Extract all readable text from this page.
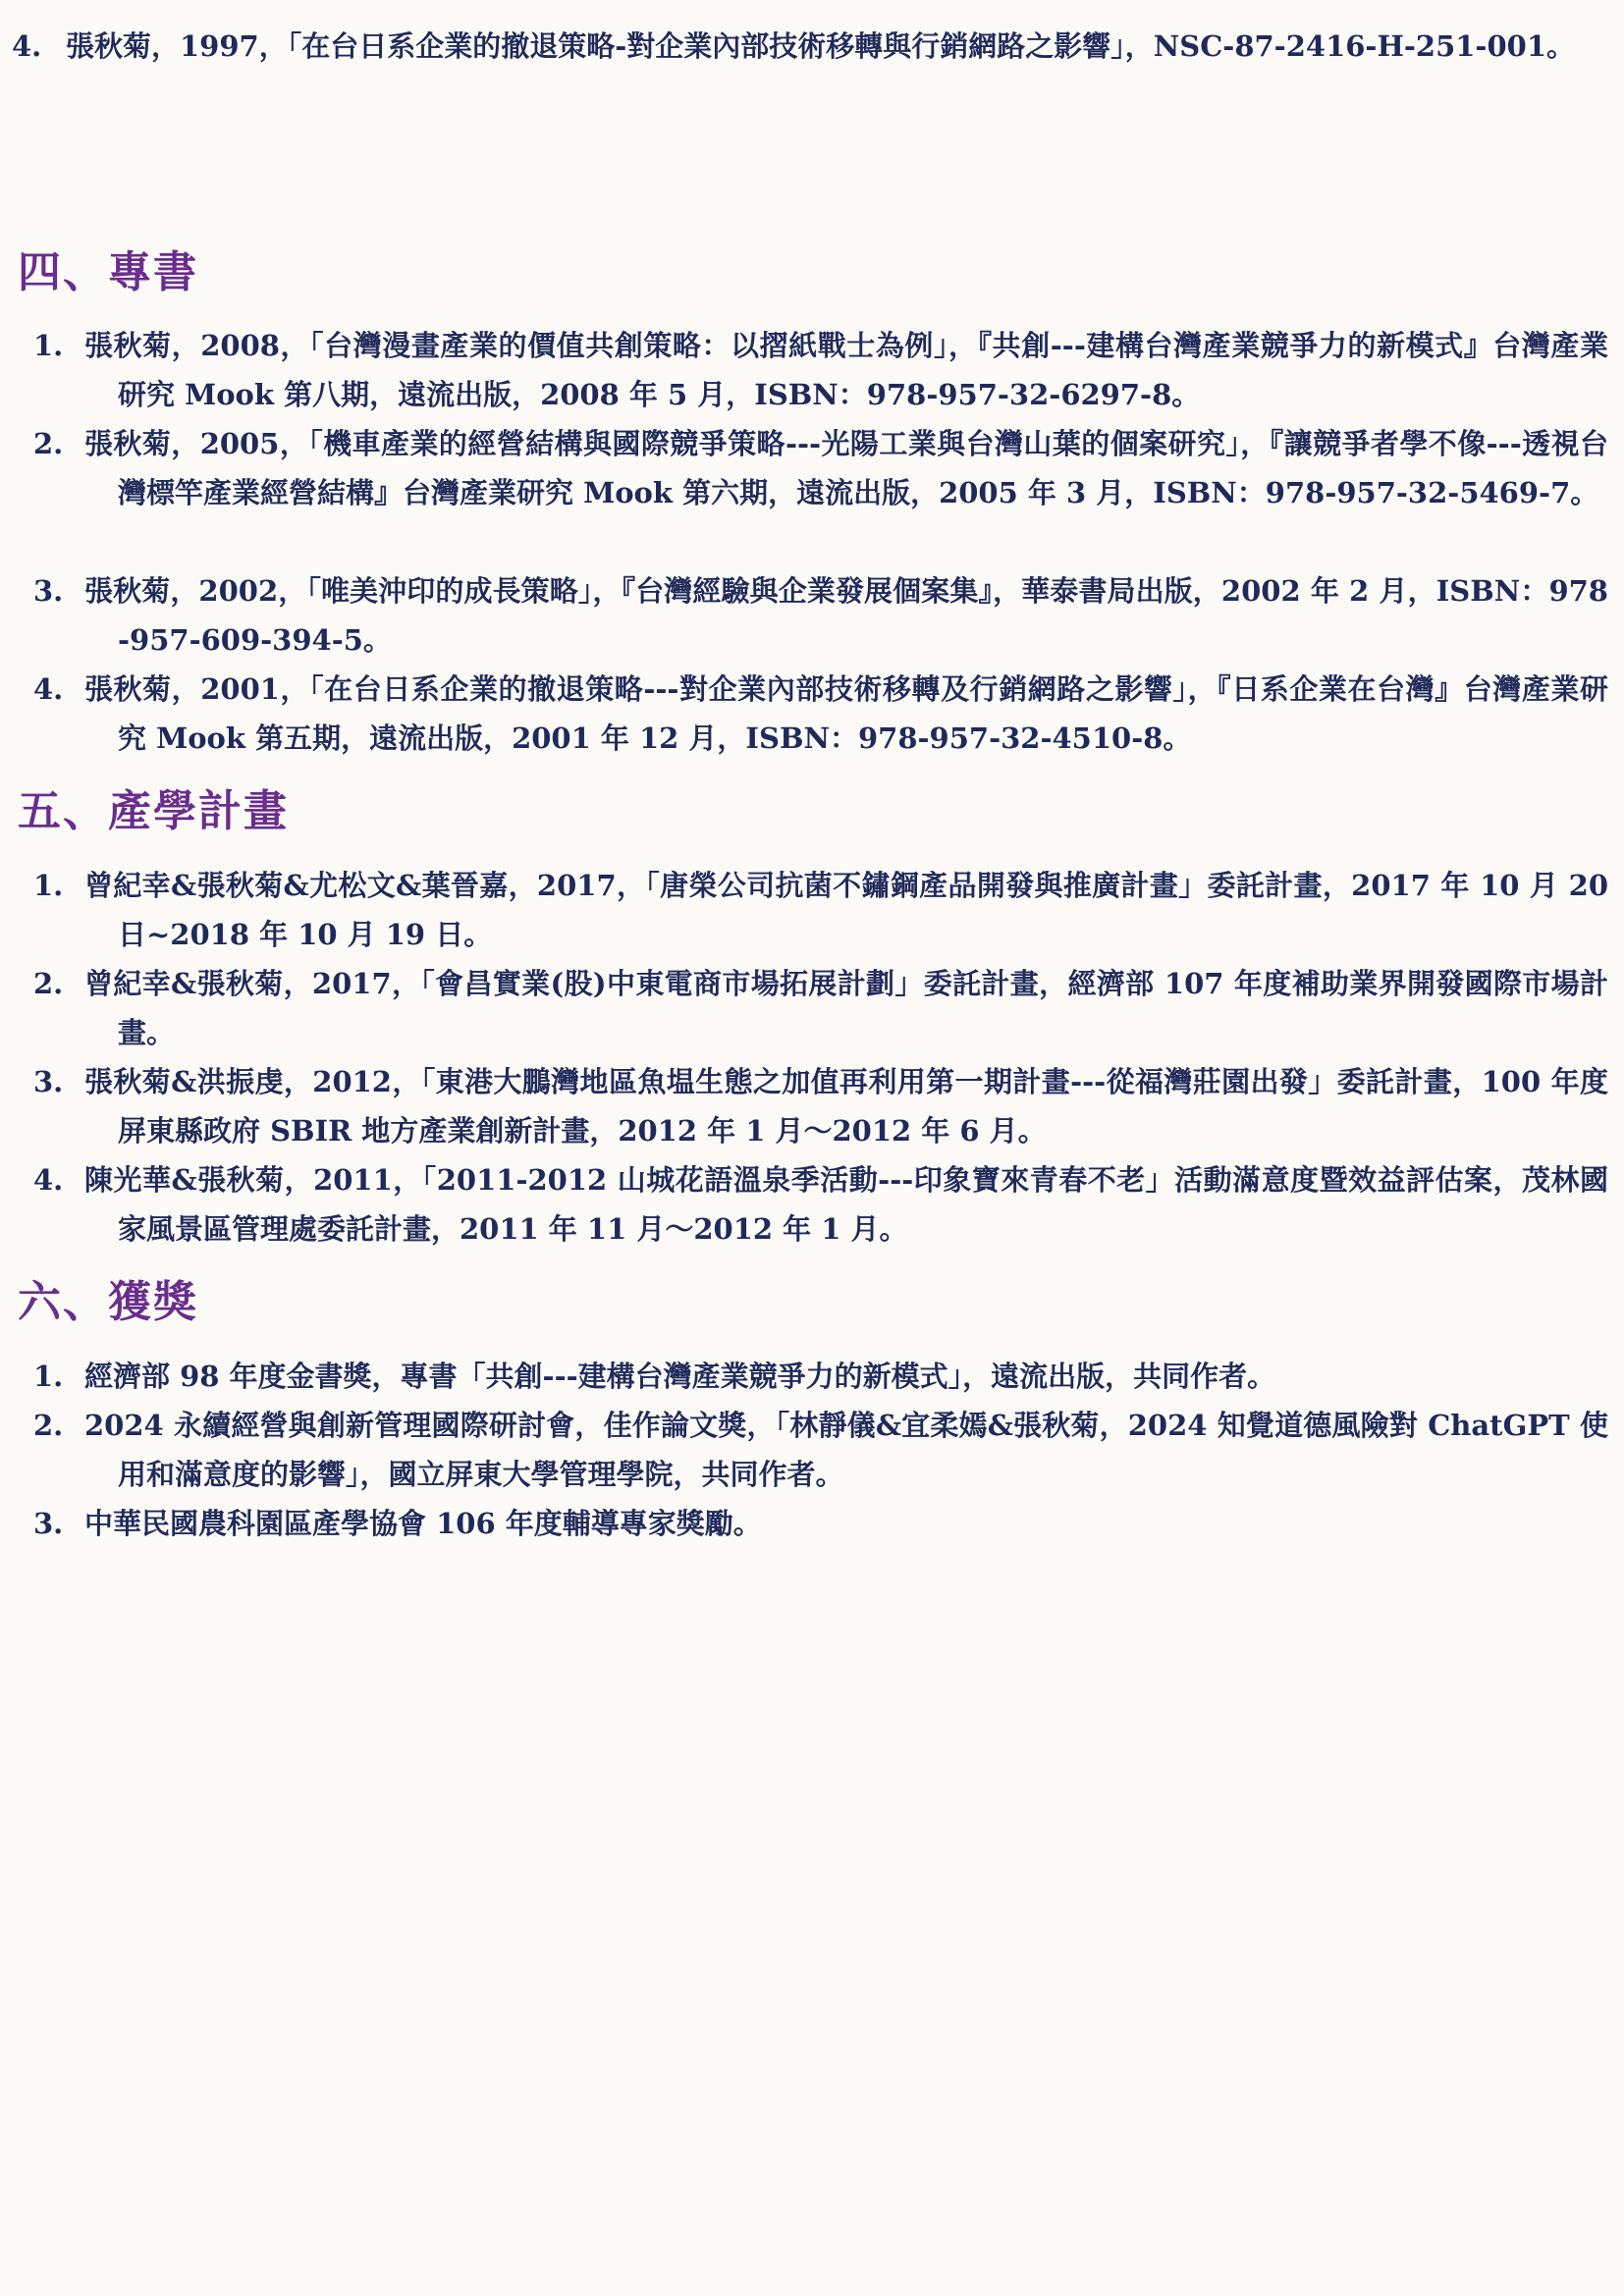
4. 張秋菊，1997，「在台日系企業的撤退策略-對企業內部技術移轉與行銷網路之影響」，NSC-87-2416-H-251-001。
四、專書
1. 張秋菊，2008，「台灣漫畫產業的價值共創策略：以摺紙戰士為例」，『共創---建構台灣產業競爭力的新模式』台灣產業研究 Mook 第八期，遠流出版，2008 年 5 月，ISBN：978-957-32-6297-8。
2. 張秋菊，2005，「機車產業的經營結構與國際競爭策略---光陽工業與台灣山葉的個案研究」，『讓競爭者學不像---透視台灣標竿產業經營結構』台灣產業研究 Mook 第六期，遠流出版，2005 年 3 月，ISBN：978-957-32-5469-7。
3. 張秋菊，2002，「唯美沖印的成長策略」，『台灣經驗與企業發展個案集』，華泰書局出版，2002 年 2 月，ISBN：978-957-609-394-5。
4. 張秋菊，2001，「在台日系企業的撤退策略---對企業內部技術移轉及行銷網路之影響」，『日系企業在台灣』台灣產業研究 Mook 第五期，遠流出版，2001 年 12 月，ISBN：978-957-32-4510-8。
五、產學計畫
1. 曾紀幸&張秋菊&尤松文&葉晉嘉，2017，「唐榮公司抗菌不鏽鋼產品開發與推廣計畫」委託計畫，2017 年 10 月 20 日~2018 年 10 月 19 日。
2. 曾紀幸&張秋菊，2017，「會昌實業(股)中東電商市場拓展計劃」委託計畫，經濟部 107 年度補助業界開發國際市場計畫。
3. 張秋菊&洪振虔，2012，「東港大鵬灣地區魚塭生態之加值再利用第一期計畫---從福灣莊園出發」委託計畫，100 年度屏東縣政府 SBIR 地方產業創新計畫，2012 年 1 月～2012 年 6 月。
4. 陳光華&張秋菊，2011，「2011-2012 山城花語溫泉季活動---印象寶來青春不老」活動滿意度暨效益評估案，茂林國家風景區管理處委託計畫，2011 年 11 月～2012 年 1 月。
六、獲獎
1. 經濟部 98 年度金書獎，專書「共創---建構台灣產業競爭力的新模式」，遠流出版，共同作者。
2. 2024 永續經營與創新管理國際研討會，佳作論文獎，「林靜儀&宜柔嫣&張秋菊，2024 知覺道德風險對 ChatGPT 使用和滿意度的影響」，國立屏東大學管理學院，共同作者。
3. 中華民國農科園區產學協會 106 年度輔導專家獎勵。
